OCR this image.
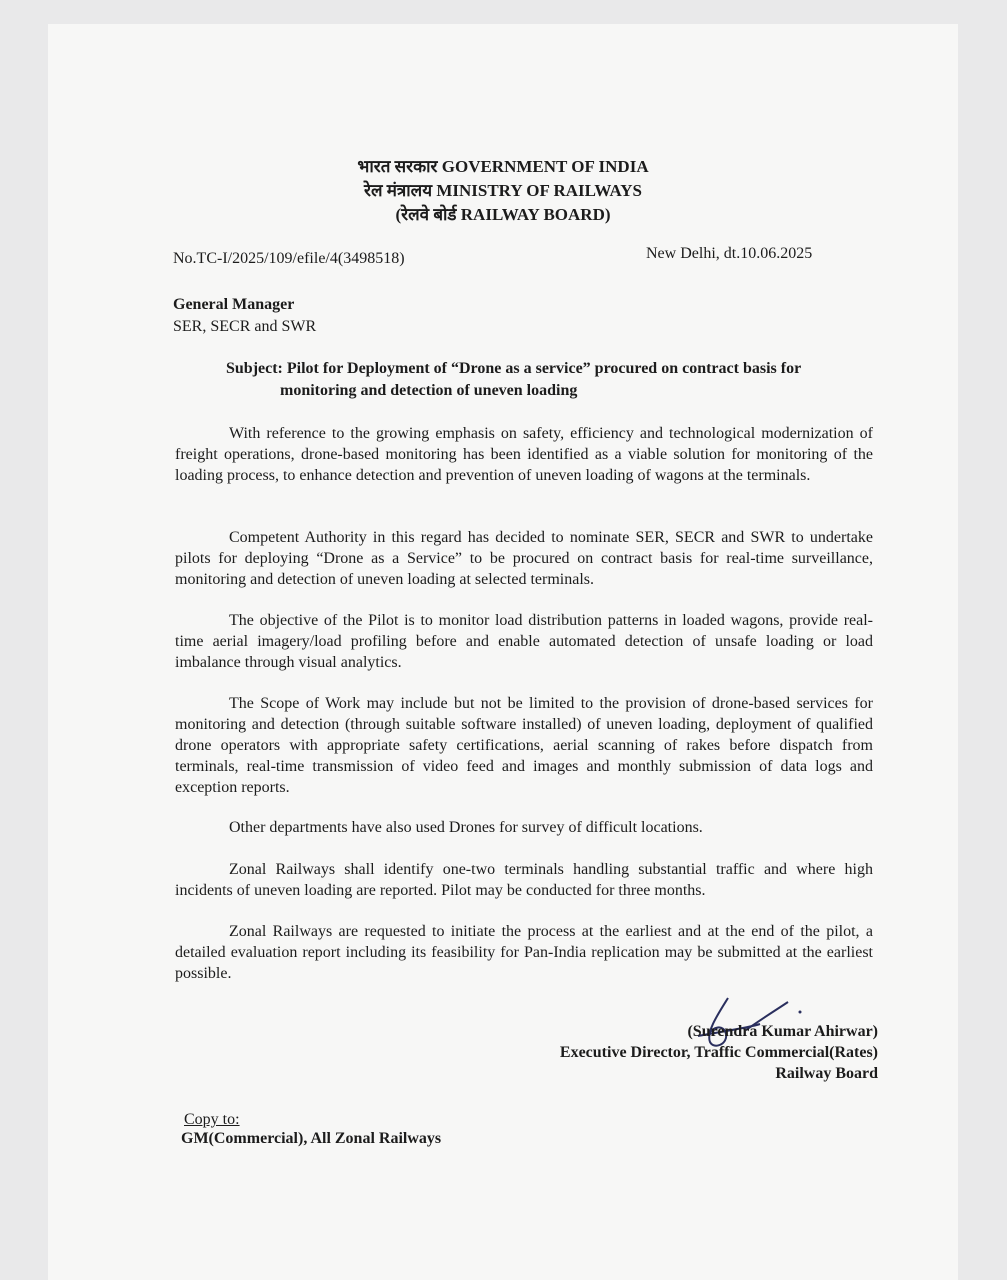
भारत सरकार GOVERNMENT OF INDIA
रेल मंत्रालय MINISTRY OF RAILWAYS
(रेलवे बोर्ड RAILWAY BOARD)
No.TC-I/2025/109/efile/4(3498518)	New Delhi, dt.10.06.2025
General Manager
SER, SECR and SWR
Subject: Pilot for Deployment of “Drone as a service” procured on contract basis for
monitoring and detection of uneven loading
With reference to the growing emphasis on safety, efficiency and technological modernization of freight operations, drone-based monitoring has been identified as a viable solution for monitoring of the loading process, to enhance detection and prevention of uneven loading of wagons at the terminals.
Competent Authority in this regard has decided to nominate SER, SECR and SWR to undertake pilots for deploying “Drone as a Service” to be procured on contract basis for real-time surveillance, monitoring and detection of uneven loading at selected terminals.
The objective of the Pilot is to monitor load distribution patterns in loaded wagons, provide real-time aerial imagery/load profiling before and enable automated detection of unsafe loading or load imbalance through visual analytics.
The Scope of Work may include but not be limited to the provision of drone-based services for monitoring and detection (through suitable software installed) of uneven loading, deployment of qualified drone operators with appropriate safety certifications, aerial scanning of rakes before dispatch from terminals, real-time transmission of video feed and images and monthly submission of data logs and exception reports.
Other departments have also used Drones for survey of difficult locations.
Zonal Railways shall identify one-two terminals handling substantial traffic and where high incidents of uneven loading are reported. Pilot may be conducted for three months.
Zonal Railways are requested to initiate the process at the earliest and at the end of the pilot, a detailed evaluation report including its feasibility for Pan-India replication may be submitted at the earliest possible.
(Surendra Kumar Ahirwar)
Executive Director, Traffic Commercial(Rates)
Railway Board
Copy to:
GM(Commercial), All Zonal Railways
